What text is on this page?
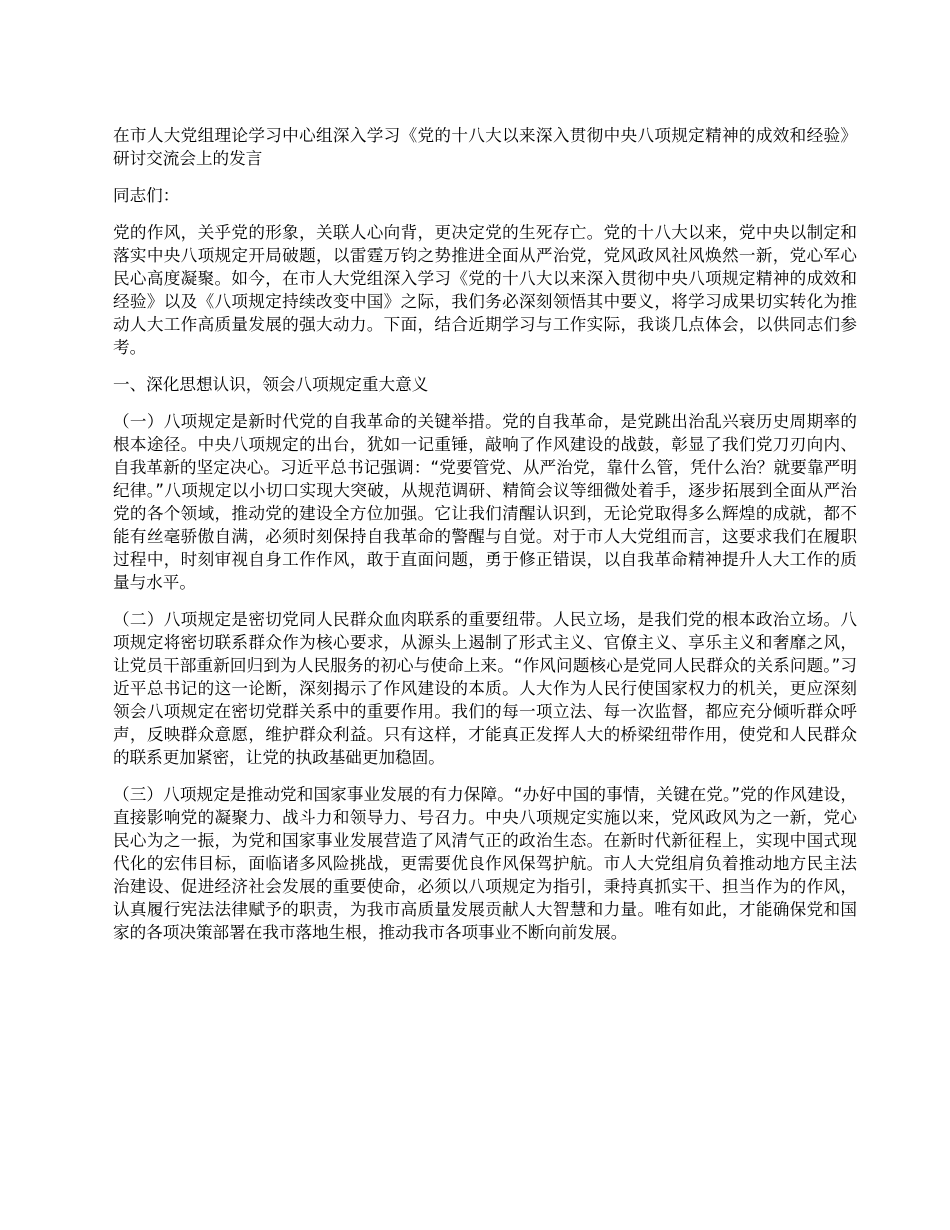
在市人大党组理论学习中心组深入学习《党的十八大以来深入贯彻中央八项规定精神的成效和经验》研讨交流会上的发言

同志们：

党的作风，关乎党的形象，关联人心向背，更决定党的生死存亡。党的十八大以来，党中央以制定和落实中央八项规定开局破题，以雷霆万钧之势推进全面从严治党，党风政风社风焕然一新，党心军心民心高度凝聚。如今，在市人大党组深入学习《党的十八大以来深入贯彻中央八项规定精神的成效和经验》以及《八项规定持续改变中国》之际，我们务必深刻领悟其中要义，将学习成果切实转化为推动人大工作高质量发展的强大动力。下面，结合近期学习与工作实际，我谈几点体会，以供同志们参考。

一、深化思想认识，领会八项规定重大意义

（一）八项规定是新时代党的自我革命的关键举措。党的自我革命，是党跳出治乱兴衰历史周期率的根本途径。中央八项规定的出台，犹如一记重锤，敲响了作风建设的战鼓，彰显了我们党刀刃向内、自我革新的坚定决心。习近平总书记强调：“党要管党、从严治党，靠什么管，凭什么治？就要靠严明纪律。”八项规定以小切口实现大突破，从规范调研、精简会议等细微处着手，逐步拓展到全面从严治党的各个领域，推动党的建设全方位加强。它让我们清醒认识到，无论党取得多么辉煌的成就，都不能有丝毫骄傲自满，必须时刻保持自我革命的警醒与自觉。对于市人大党组而言，这要求我们在履职过程中，时刻审视自身工作作风，敢于直面问题，勇于修正错误，以自我革命精神提升人大工作的质量与水平。

（二）八项规定是密切党同人民群众血肉联系的重要纽带。人民立场，是我们党的根本政治立场。八项规定将密切联系群众作为核心要求，从源头上遏制了形式主义、官僚主义、享乐主义和奢靡之风，让党员干部重新回归到为人民服务的初心与使命上来。“作风问题核心是党同人民群众的关系问题。”习近平总书记的这一论断，深刻揭示了作风建设的本质。人大作为人民行使国家权力的机关，更应深刻领会八项规定在密切党群关系中的重要作用。我们的每一项立法、每一次监督，都应充分倾听群众呼声，反映群众意愿，维护群众利益。只有这样，才能真正发挥人大的桥梁纽带作用，使党和人民群众的联系更加紧密，让党的执政基础更加稳固。

（三）八项规定是推动党和国家事业发展的有力保障。“办好中国的事情，关键在党。”党的作风建设，直接影响党的凝聚力、战斗力和领导力、号召力。中央八项规定实施以来，党风政风为之一新，党心民心为之一振，为党和国家事业发展营造了风清气正的政治生态。在新时代新征程上，实现中国式现代化的宏伟目标，面临诸多风险挑战，更需要优良作风保驾护航。市人大党组肩负着推动地方民主法治建设、促进经济社会发展的重要使命，必须以八项规定为指引，秉持真抓实干、担当作为的作风，认真履行宪法法律赋予的职责，为我市高质量发展贡献人大智慧和力量。唯有如此，才能确保党和国家的各项决策部署在我市落地生根，推动我市各项事业不断向前发展。
